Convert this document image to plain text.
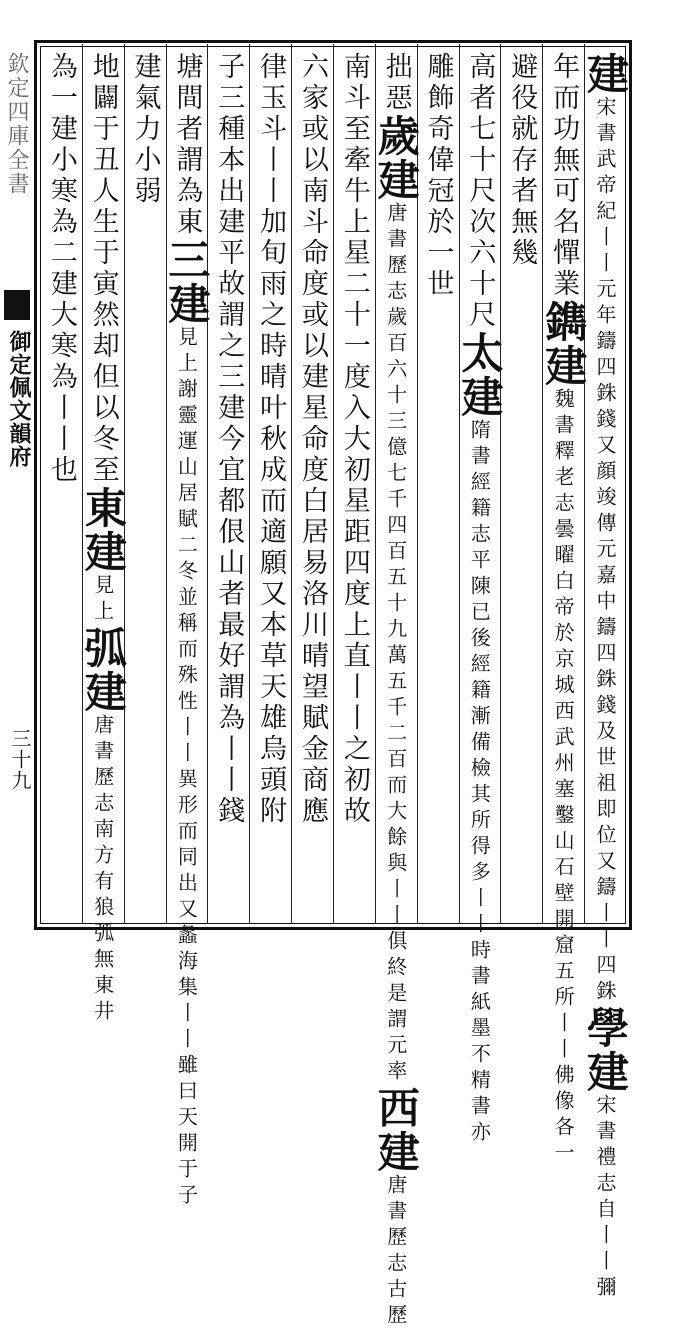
欽定四庫全書
御定佩文韻府
三十九
建宋書武帝紀丨丨元年鑄四銖錢又顔竣傳元嘉中鑄四銖錢及世祖即位又鑄丨丨四銖學建宋書禮志自丨丨彌
年而功無可名憚業鐫建魏書釋老志曇曜白帝於京城西武州塞鑿山石壁開窟五所丨丨佛像各一
避役就存者無幾
高者七十尺次六十尺太建隋書經籍志平陳已後經籍漸備檢其所得多丨丨時書紙墨不精書亦
雕飾奇偉冠於一世
拙惡歲建唐書歷志歲百六十三億七千四百五十九萬五千二百而大餘與丨丨俱終是謂元率西建唐書歷志古歷
南斗至牽牛上星二十一度入大初星距四度上直丨丨之初故
六家或以南斗命度或以建星命度白居易洛川晴望賦金商應
律玉斗丨丨加旬雨之時晴叶秋成而適願又本草天雄烏頭附
子三種本出建平故謂之三建今宜都佷山者最好謂為丨丨錢
塘間者謂為東三建見上謝靈運山居賦二冬並稱而殊性丨丨異形而同出又蠡海集丨丨雖曰天開于子
建氣力小弱
地闢于丑人生于寅然却但以冬至東建見上弧建唐書歷志南方有狼弧無東井
為一建小寒為二建大寒為丨丨也
